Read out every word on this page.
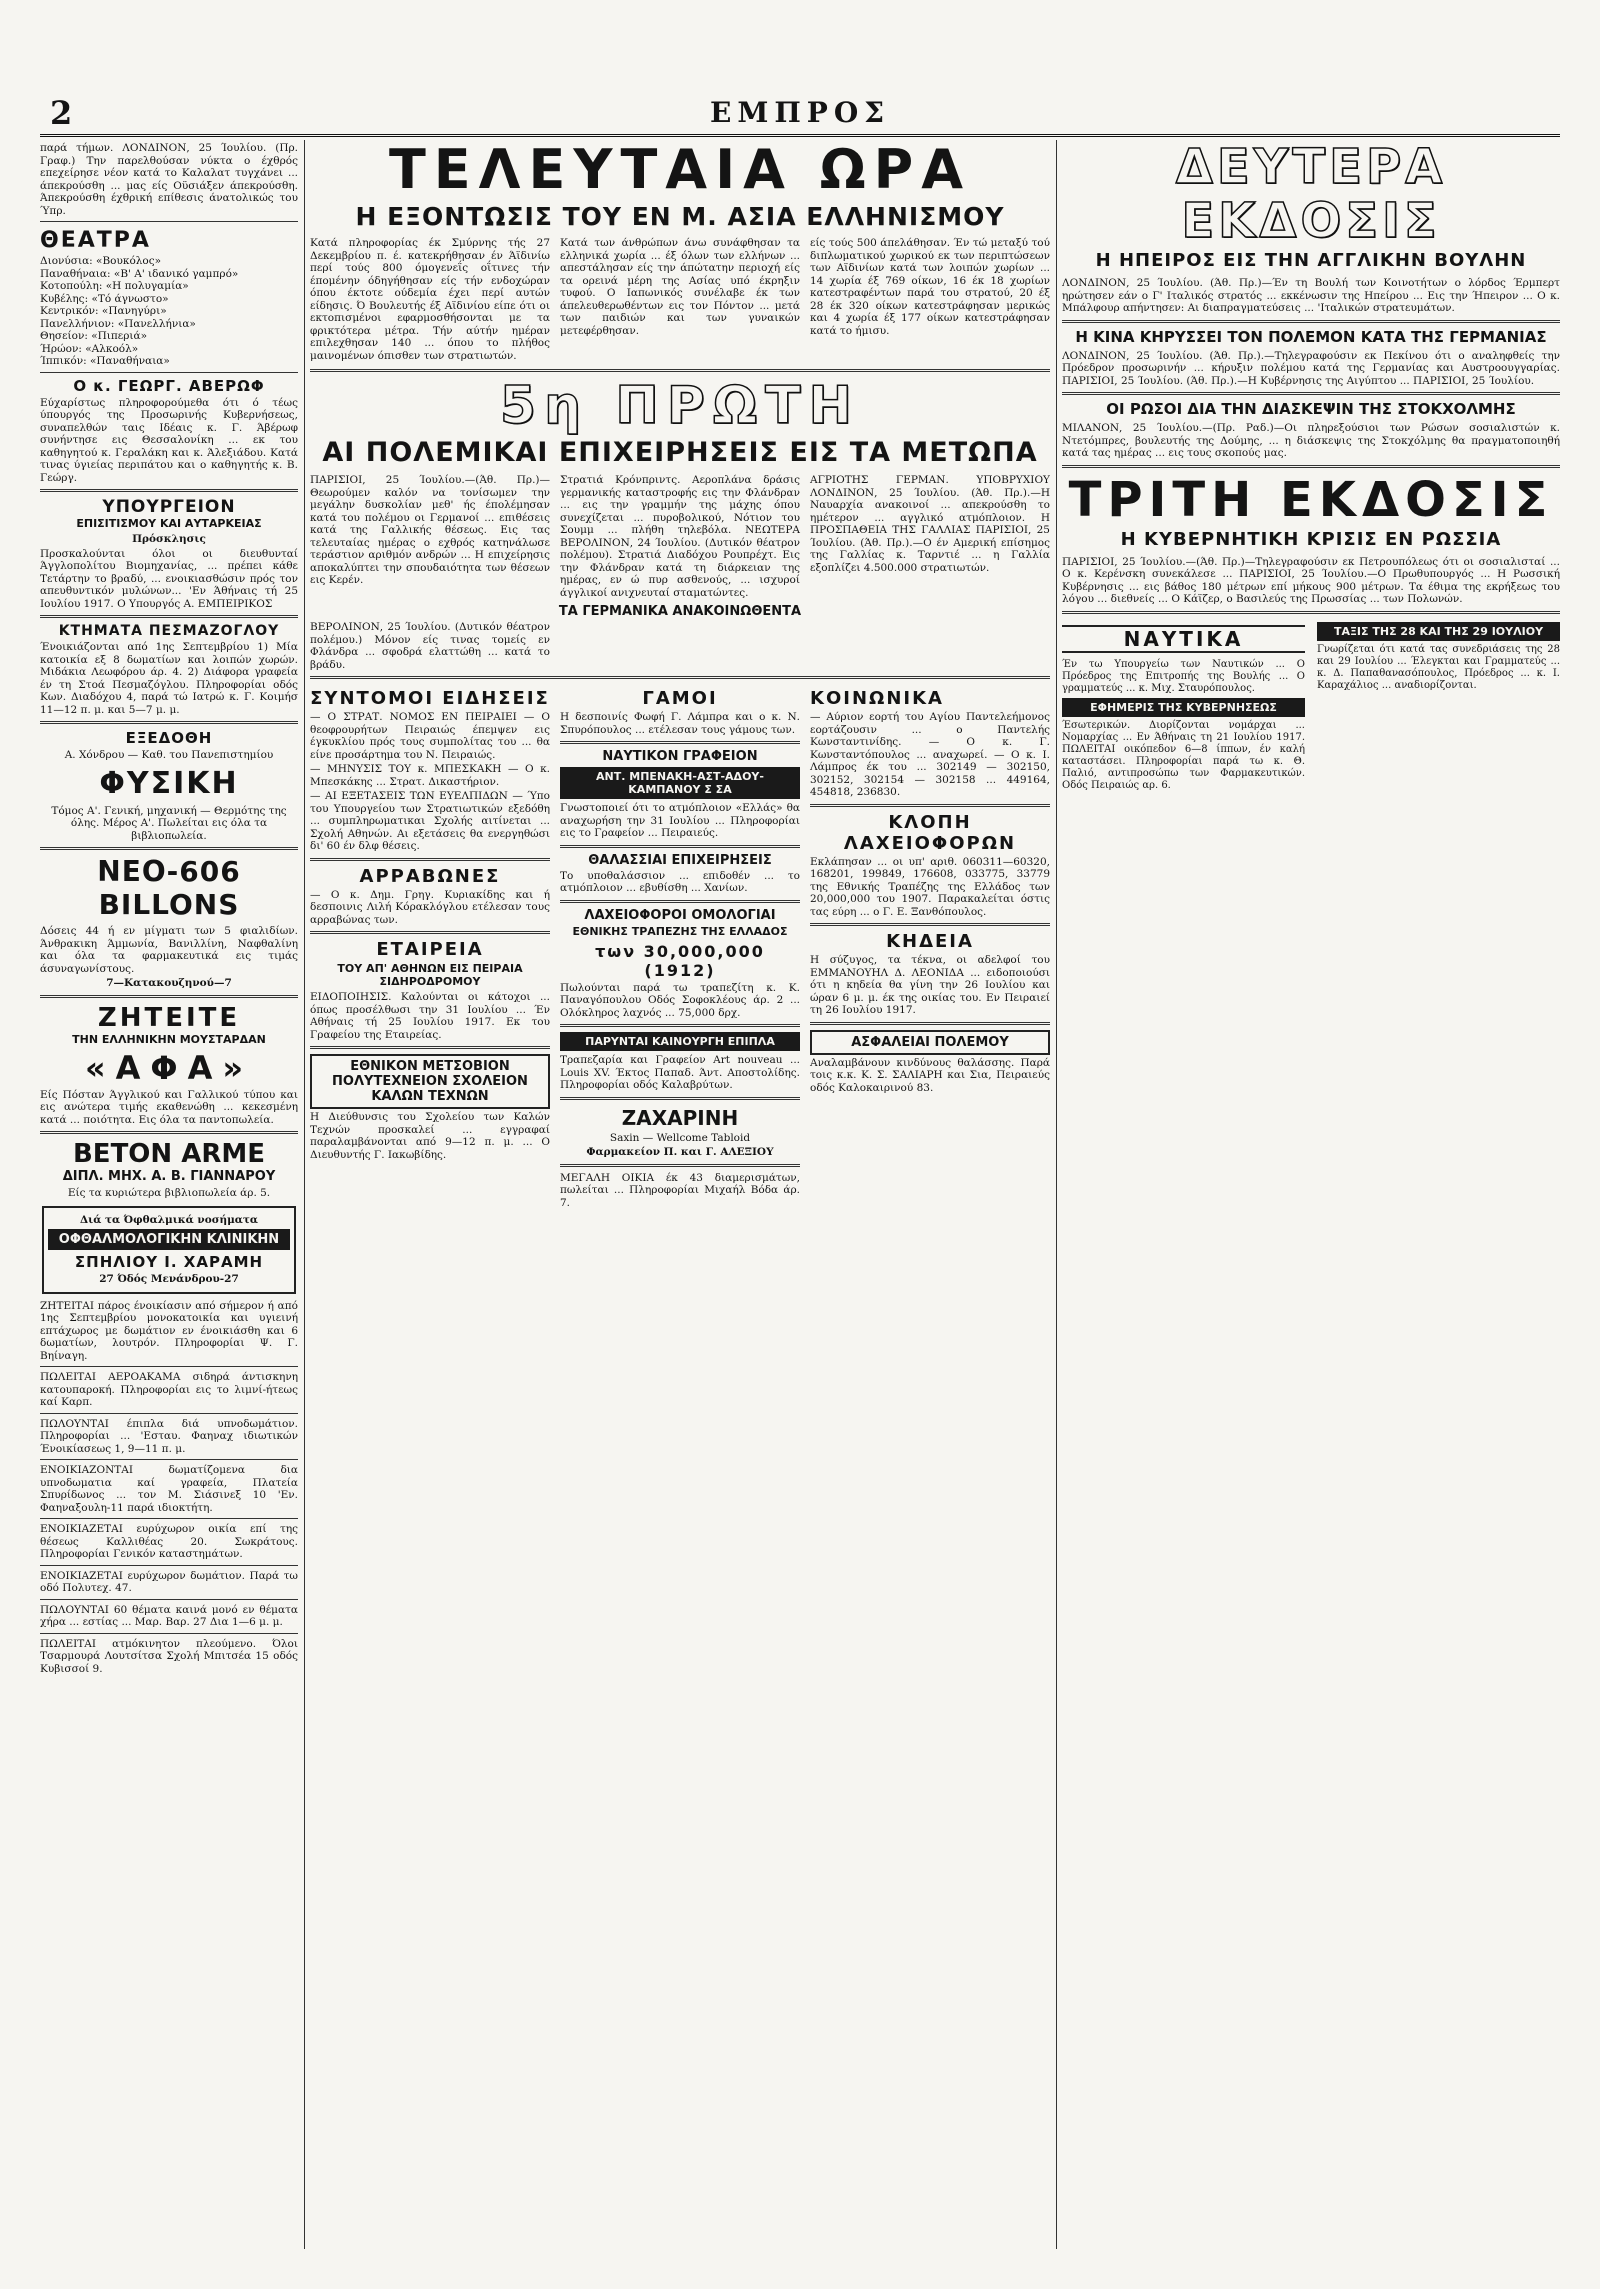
2	ΕΜΠΡΟΣ

παρά τήμων. ΛΟΝΔΙΝΟΝ, 25 Ίουλίου. (Πρ. Γραφ.) Την παρελθούσαν νύκτα ο έχθρός επεχείρησε νέον κατά το Καλαλατ τυγχάνει ... άπεκρούσθη ... μας είς Οϋσιάξεν άπεκρούσθη. Άπεκρούσθη έχθρική επίθεσις άνατολικώς του Ύπρ.

ΘΕΑΤΡΑ
Διονύσια: «Βουκόλος»
Παναθήναια: «Β' Α' ιδανικό γαμπρό»
Κοτοπούλη: «Η πολυγαμία»
Κυβέλης: «Τό άγνωστο»
Κεντρικόν: «Πανηγύρι»
Πανελλήνιον: «Πανελλήνια»
Θησείον: «Πιπεριά»
Ήρώον: «Αλκοόλ»
Ίππικόν: «Παναθήναια»
Ο κ. ΓΕΩΡΓ. ΑΒΕΡΩΦ

Εύχαρίστως πληροφορούμεθα ότι ό τέως ύπουργός της Προσωρινής Κυβερνήσεως, συναπελθών ταις Ιδέαις κ. Γ. Άβέρωφ συνήντησε εις Θεσσαλονίκη ... εκ του καθηγητού κ. Γεραλάκη και κ. Άλεξιάδου. Κατά τινας ύγιείας περιπάτου και ο καθηγητής κ. Β. Γεώργ.

ΥΠΟΥΡΓΕΙΟΝ
ΕΠΙΣΙΤΙΣΜΟΥ ΚΑΙ ΑΥΤΑΡΚΕΙΑΣ
Πρόσκλησις

Προσκαλούνται όλοι οι διευθυνταί Άγγλοπολίτου Βιομηχανίας, ... πρέπει κάθε Τετάρτην το βραδύ, ... ενοικιασθώσιν πρός τον απευθυντικόν μυλώνων... 'Εν Άθήναις τή 25 Ιουλίου 1917. Ο Υπουργός Α. ΕΜΠΕΙΡΙΚΟΣ

ΚΤΗΜΑΤΑ ΠΕΣΜΑΖΟΓΛΟΥ

Ένοικιάζονται από 1ης Σεπτεμβρίου 1) Μία κατοικία εξ 8 δωματίων και λοιπών χωρών. Μιδάκια Λεωφόρου άρ. 4. 2) Διάφορα γραφεία έν τη Στοά Πεσμαζόγλου. Πληροφορίαι οδός Κων. Διαδόχου 4, παρά τώ Ιατρώ κ. Γ. Κοιμήσ 11—12 π. μ. και 5—7 μ. μ.

ΕΞΕΔΟΘΗ
Α. Χόνδρου — Καθ. του Πανεπιστημίου
ΦΥΣΙΚΗ

Τόμος Α'. Γενική, μηχανική — Θερμότης της όλης. Μέρος Α'. Πωλείται εις όλα τα βιβλιοπωλεία.

ΝΕΟ-606 BILLONS

Δόσεις 44 ή εν μίγματι των 5 φιαλιδίων. Άνθρακικη Άμμωνία, Βανιλλίνη, Ναφθαλίνη και όλα τα φαρμακευτικά εις τιμάς άσυναγωνίστους.

7—Κατακουζηνού—7
ΖΗΤΕΙΤΕ
ΤΗΝ ΕΛΛΗΝΙΚΗΝ ΜΟΥΣΤΑΡΔΑΝ
«ΑΦΑ»

Είς Πόσταν Άγγλικού και Γαλλικού τύπου και εις ανώτερα τιμής εκαθενώθη ... κεκεσμένη κατά ... ποιότητα. Εις όλα τα παντοπωλεία.

BETON ARME
ΔΙΠΛ. ΜΗΧ. Α. Β. ΓΙΑΝΝΑΡΟΥ
Είς τα κυριώτερα βιβλιοπωλεία άρ. 5.
Διά τα Όφθαλμικά νοσήματα
ΟΦΘΑΛΜΟΛΟΓΙΚΗΝ ΚΛΙΝΙΚΗΝ
ΣΠΗΛΙΟΥ Ι. ΧΑΡΑΜΗ
27 Όδός Μενάνδρου-27

ΖΗΤΕΙΤΑΙ πάρος ένοικίασιν από σήμερον ή από 1ης Σεπτεμβρίου μονοκατοικία και υγιεινή επτάχωρος με δωμάτιον εν ένοικιάσθη και 6 δωματίων, λουτρόν. Πληροφορίαι Ψ. Γ. Βηίναγη.

ΠΩΛΕΙΤΑΙ ΑΕΡΟΑΚΑΜΑ σιδηρά άντισκηνη κατουπαροκή. Πληροφορίαι εις το λιμνί-ήτεως καί Καρπ.

ΠΩΛΟΥΝΤΑΙ έπιπλα διά υπνοδωμάτιον. Πληροφορίαι ... 'Εσταυ. Φαηναχ ιδιωτικών Ένοικίασεως 1, 9—11 π. μ.

ΕΝΟΙΚΙΑΖΟΝΤΑΙ δωματίζομενα δια υπνοδωματια καί γραφεία, Πλατεία Σπυρίδωνος ... τον Μ. Σιάσινεξ 10 'Εν. Φαηναξουλη-11 παρά ιδιοκτήτη.

ΕΝΟΙΚΙΑΖΕΤΑΙ ευρύχωρον οικία επί της θέσεως Καλλιθέας 20. Σωκράτους. Πληροφορίαι Γενικόν καταστημάτων.

ΕΝΟΙΚΙΑΖΕΤΑΙ ευρύχωρον δωμάτιον. Παρά τω οδό Πολυτεχ. 47.

ΠΩΛΟΥΝΤΑΙ 60 θέματα καινά μονό εν θέματα χήρα ... εστίας ... Μαρ. Βαρ. 27 Δια 1—6 μ. μ.

ΠΩΛΕΙΤΑΙ ατμόκινητον πλεούμενο. Όλοι Τσαρμουρά Λουτσίτσα Σχολή Μπιτσέα 15 οδός Κυβισσοί 9.

ΤΕΛΕΥΤΑΙΑ ΩΡΑ
Η ΕΞΟΝΤΩΣΙΣ ΤΟΥ ΕΝ Μ. ΑΣΙΑ ΕΛΛΗΝΙΣΜΟΥ
Κατά πληροφορίας έκ Σμύρνης τής 27 Δεκεμβρίου π. έ. κατεκρήθησαν έν Άϊδινίω περί τούς 800 όμογενεΐς οΐτινες τήν έπομένην όδηγήθησαν είς τήν ενδοχώραν όπου έκτοτε ούδεμία έχει περί αυτών είδησις. Ό Βουλευτής έξ Αϊδινίου είπε ότι οι εκτοπισμένοι εφαρμοσθήσονται με τα φρικτότερα μέτρα. Τήν αύτήν ημέραν επιλεχθησαν 140 ... όπου το πλήθος μαινομένων όπισθεν των στρατιωτών.
Κατά των άνθρώπων άνω συνάφθησαν τα ελληνικά χωρία ... έξ όλων των ελλήνων ... απεστάλησαν είς την άπώτατην περιοχή είς τα ορεινά μέρη της Ασίας υπό έκρηξιν τυφού. Ο Ιαπωνικός συνέλαβε έκ των άπελευθερωθέντων εις τον Πόντον ... μετά των παιδιών και των γυναικών μετεφέρθησαν.
είς τούς 500 άπελάθησαν. Έν τώ μεταξύ τού διπλωματικού χωρικού εκ των περιπτώσεων των Αϊδινίων κατά των λοιπών χωρίων ... 14 χωρία έξ 769 οίκων, 16 έκ 18 χωρίων κατεστραφέντων παρά του στρατού, 20 έξ 28 έκ 320 οίκων κατεστράφησαν μερικώς και 4 χωρία έξ 177 οίκων κατεστράφησαν κατά το ήμισυ.
5η ΠΡΩΤΗ
ΑΙ ΠΟΛΕΜΙΚΑΙ ΕΠΙΧΕΙΡΗΣΕΙΣ ΕΙΣ ΤΑ ΜΕΤΩΠΑ
ΠΑΡΙΣΙΟΙ, 25 Ίουλίου.—(Άθ. Πρ.)—Θεωρούμεν καλόν να τονίσωμεν την μεγάλην δυσκολίαν μεθ' ής έπολέμησαν κατά του πολέμου οι Γερμανοί ... επιθέσεις κατά της Γαλλικής θέσεως. Εις τας τελευταίας ημέρας ο εχθρός κατηνάλωσε τεράστιον αριθμόν ανδρών ... Η επιχείρησις αποκαλύπτει την σπουδαιότητα των θέσεων εις Κερέν.
Στρατιά Κρόνπριντς. Αεροπλάνα δράσις γερμανικής καταστροφής εις την Φλάνδραν ... εις την γραμμήν της μάχης όπου συνεχίζεται ... πυροβολικού, Νότιον του Σουμμ ... πλήθη τηλεβόλα. ΝΕΩΤΕΡΑ ΒΕΡΟΛΙΝΟΝ, 24 Ίουλίου. (Δυτικόν θέατρον πολέμου). Στρατιά Διαδόχου Ρουπρέχτ. Εις την Φλάνδραν κατά τη διάρκειαν της ημέρας, εν ώ πυρ ασθενούς, ... ισχυροί άγγλικοί ανιχνευταί σταματώντες.
ΑΓΡΙΟΤΗΣ ΓΕΡΜΑΝ. ΥΠΟΒΡΥΧΙΟΥ ΛΟΝΔΙΝΟΝ, 25 Ίουλίου. (Άθ. Πρ.).—Η Ναυαρχία ανακοινοί ... απεκρούσθη το ημέτερον ... αγγλικό ατμόπλοιον. Η ΠΡΟΣΠΑΘΕΙΑ ΤΗΣ ΓΑΛΛΙΑΣ ΠΑΡΙΣΙΟΙ, 25 Ίουλίου. (Άθ. Πρ.).—Ο έν Αμερική επίσημος της Γαλλίας κ. Ταρντιέ ... η Γαλλία εξοπλίζει 4.500.000 στρατιωτών.
ΤΑ ΓΕΡΜΑΝΙΚΑ ΑΝΑΚΟΙΝΩΘΕΝΤΑ

ΒΕΡΟΛΙΝΟΝ, 25 Ίουλίου. (Δυτικόν θέατρον πολέμου.) Μόνον είς τινας τομείς εν Φλάνδρα ... σφοδρά ελαττώθη ... κατά το βράδυ.

ΣΥΝΤΟΜΟΙ ΕΙΔΗΣΕΙΣ

— Ο ΣΤΡΑΤ. ΝΟΜΟΣ ΕΝ ΠΕΙΡΑΙΕΙ — Ο θεοφρουρήτων Πειραιώς έπεμψεν εις έγκυκλίου πρός τους συμπολίτας του ... θα είνε προσάρτημα του Ν. Πειραιώς.

— ΜΗΝΥΣΙΣ ΤΟΥ κ. ΜΠΕΣΚΑΚΗ — Ο κ. Μπεσκάκης ... Στρατ. Δικαστήριον.

— ΑΙ ΕΞΕΤΑΣΕΙΣ ΤΩΝ ΕΥΕΛΠΙΔΩΝ — Ύπο του Υπουργείου των Στρατιωτικών εξεδόθη ... συμπληρωματικαι Σχολής αιτίνεται ... Σχολή Αθηνών. Αι εξετάσεις θα ενεργηθώσι δι' 60 έν δλφ θέσεις.

ΑΡΡΑΒΩΝΕΣ

— Ο κ. Δημ. Γρηγ. Κυριακίδης και ή δεσποινις Λιλή Κόρακλόγλου ετέλεσαν τους αρραβώνας των.

ΕΤΑΙΡΕΙΑ
ΤΟΥ ΑΠ' ΑΘΗΝΩΝ ΕΙΣ ΠΕΙΡΑΙΑ ΣΙΔΗΡΟΔΡΟΜΟΥ

ΕΙΔΟΠΟΙΗΣΙΣ. Καλούνται οι κάτοχοι ... όπως προσέλθωσι την 31 Ιουλίου ... Έν Αθήναις τή 25 Ιουλίου 1917. Εκ του Γραφείου της Εταιρείας.

ΕΘΝΙΚΟΝ ΜΕΤΣΟΒΙΟΝ ΠΟΛΥΤΕΧΝΕΙΟΝ ΣΧΟΛΕΙΟΝ ΚΑΛΩΝ ΤΕΧΝΩΝ

Η Διεύθυνσις του Σχολείου των Καλών Τεχνών προσκαλεί ... εγγραφαί παραλαμβάνονται από 9—12 π. μ. ... Ο Διευθυντής Γ. Ιακωβίδης.

ΓΑΜΟΙ

Η δεσποινίς Φωφή Γ. Λάμπρα και ο κ. Ν. Σπυρόπουλος ... ετέλεσαν τους γάμους των.

ΝΑΥΤΙΚΟΝ ΓΡΑΦΕΙΟΝ
ΑΝΤ. ΜΠΕΝΑΚΗ-ΑΣΤ-ΑΔΟΥ-ΚΑΜΠΑΝΟΥ Σ ΣΑ

Γνωστοποιεί ότι το ατμόπλοιον «Ελλάς» θα αναχωρήση την 31 Ιουλίου ... Πληροφορίαι εις το Γραφείον ... Πειραιεύς.

ΘΑΛΑΣΣΙΑΙ ΕΠΙΧΕΙΡΗΣΕΙΣ

Το υποθαλάσσιον ... επιδοθέν ... το ατμόπλοιον ... εβυθίσθη ... Χανίων.

ΛΑΧΕΙΟΦΟΡΟΙ ΟΜΟΛΟΓΙΑΙ
ΕΘΝΙΚΗΣ ΤΡΑΠΕΖΗΣ ΤΗΣ ΕΛΛΑΔΟΣ
των 30,000,000 (1912)

Πωλούνται παρά τω τραπεζίτη κ. Κ. Παναγόπουλου Οδός Σοφοκλέους άρ. 2 ... Ολόκληρος λαχνός ... 75,000 δρχ.

ΠΑΡΥΝΤΑΙ ΚΑΙΝΟΥΡΓΗ ΕΠΙΠΛΑ

Τραπεζαρία και Γραφείον Art nouveau ... Louis XV. Έκτος Παπαδ. Άντ. Αποστολίδης. Πληροφορίαι οδός Καλαβρύτων.

ΖΑΧΑΡΙΝΗ
Saxin — Wellcome Tabloid
Φαρμακείον Π. και Γ. ΑΛΕΞΙΟΥ

ΜΕΓΑΛΗ ΟΙΚΙΑ έκ 43 διαμερισμάτων, πωλείται ... Πληροφορίαι Μιχαήλ Βόδα άρ. 7.

ΚΟΙΝΩΝΙΚΑ

— Αύριον εορτή του Αγίου Παντελεήμονος εορτάζουσιν ... ο Παντελής Κωνσταντινίδης. — Ο κ. Γ. Κωνσταντόπουλος ... αναχωρεί. — Ο κ. Ι. Λάμπρος έκ του ... 302149 — 302150, 302152, 302154 — 302158 ... 449164, 454818, 236830.

ΚΛΟΠΗ ΛΑΧΕΙΟΦΟΡΩΝ

Εκλάπησαν ... οι υπ' αριθ. 060311—60320, 168201, 199849, 176608, 033775, 33779 της Εθνικής Τραπέζης της Ελλάδος των 20,000,000 του 1907. Παρακαλείται όστις τας εύρη ... ο Γ. Ε. Ξανθόπουλος.

ΚΗΔΕΙΑ

Η σύζυγος, τα τέκνα, οι αδελφοί του ΕΜΜΑΝΟΥΗΛ Δ. ΛΕΟΝΙΔΑ ... ειδοποιούσι ότι η κηδεία θα γίνη την 26 Ιουλίου και ώραν 6 μ. μ. έκ της οικίας του. Εν Πειραιεί τη 26 Ιουλίου 1917.

ΑΣΦΑΛΕΙΑΙ ΠΟΛΕΜΟΥ

Αναλαμβάνουν κινδύνους θαλάσσης. Παρά τοις κ.κ. Κ. Σ. ΣΑΛΙΑΡΗ και Σια, Πειραιεύς οδός Καλοκαιρινού 83.

ΔΕΥΤΕΡΑ ΕΚΔΟΣΙΣ
Η ΗΠΕΙΡΟΣ ΕΙΣ ΤΗΝ ΑΓΓΛΙΚΗΝ ΒΟΥΛΗΝ

ΛΟΝΔΙΝΟΝ, 25 Ίουλίου. (Άθ. Πρ.)—Έν τη Βουλή των Κοινοτήτων ο λόρδος Έρμπερτ ηρώτησεν εάν ο Γ' Ιταλικός στρατός ... εκκένωσιν της Ηπείρου ... Εις την Ήπειρον ... Ο κ. Μπάλφουρ απήντησεν: Αι διαπραγματεύσεις ... 'Ιταλικών στρατευμάτων.

Η ΚΙΝΑ ΚΗΡΥΣΣΕΙ ΤΟΝ ΠΟΛΕΜΟΝ ΚΑΤΑ ΤΗΣ ΓΕΡΜΑΝΙΑΣ

ΛΟΝΔΙΝΟΝ, 25 Ίουλίου. (Άθ. Πρ.).—Τηλεγραφούσιν εκ Πεκίνου ότι ο αναληφθείς την Πρόεδρον προσωρινήν ... κήρυξιν πολέμου κατά της Γερμανίας και Αυστροουγγαρίας. ΠΑΡΙΣΙΟΙ, 25 Ίουλίου. (Άθ. Πρ.).—Η Κυβέρνησις της Αιγύπτου ... ΠΑΡΙΣΙΟΙ, 25 Ίουλίου.

ΟΙ ΡΩΣΟΙ ΔΙΑ ΤΗΝ ΔΙΑΣΚΕΨΙΝ ΤΗΣ ΣΤΟΚΧΟΛΜΗΣ

ΜΙΛΑΝΟΝ, 25 Ίουλίου.—(Πρ. Ραδ.)—Οι πληρεξούσιοι των Ρώσων σοσιαλιστών κ. Ντετόμπρες, βουλευτής της Δούμης, ... η διάσκεψις της Στοκχόλμης θα πραγματοποιηθή κατά τας ημέρας ... εις τους σκοπούς μας.

ΤΡΙΤΗ ΕΚΔΟΣΙΣ
Η ΚΥΒΕΡΝΗΤΙΚΗ ΚΡΙΣΙΣ ΕΝ ΡΩΣΣΙΑ

ΠΑΡΙΣΙΟΙ, 25 Ίουλίου.—(Άθ. Πρ.)—Τηλεγραφούσιν εκ Πετρουπόλεως ότι οι σοσιαλισταί ... Ο κ. Κερένσκη συνεκάλεσε ... ΠΑΡΙΣΙΟΙ, 25 Ίουλίου.—Ο Πρωθυπουργός ... Η Ρωσσική Κυβέρνησις ... εις βάθος 180 μέτρων επί μήκους 900 μέτρων. Τα έθιμα της εκρήξεως του λόγου ... διεθνείς ... Ο Κάϊζερ, ο Βασιλεύς της Πρωσσίας ... των Πολωνών.

ΝΑΥΤΙΚΑ

Έν τω Υπουργείω των Ναυτικών ... Ο Πρόεδρος της Επιτροπής της Βουλής ... Ο γραμματεύς ... κ. Μιχ. Σταυρόπουλος.

ΕΦΗΜΕΡΙΣ ΤΗΣ ΚΥΒΕΡΝΗΣΕΩΣ

Έσωτερικών. Διορίζονται νομάρχαι ... Νομαρχίας ... Εν Άθήναις τη 21 Ιουλίου 1917. ΠΩΛΕΙΤΑΙ οικόπεδον 6—8 ίππων, έν καλή καταστάσει. Πληροφορίαι παρά τω κ. Θ. Παλιό, αντιπροσώπω των Φαρμακευτικών. Οδός Πειραιώς αρ. 6.

ΤΑΞΙΣ ΤΗΣ 28 ΚΑΙ ΤΗΣ 29 ΙΟΥΛΙΟΥ

Γνωρίζεται ότι κατά τας συνεδριάσεις της 28 και 29 Ιουλίου ... Έλεγκται και Γραμματεύς ... κ. Δ. Παπαθανασόπουλος, Πρόεδρος ... κ. Ι. Καραχάλιος ... αναδιορίζονται.
